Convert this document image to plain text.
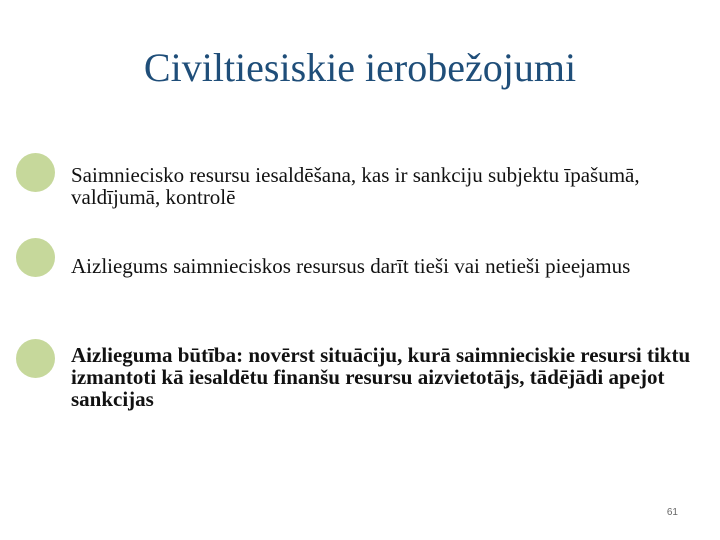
Civiltiesiskie ierobežojumi
Saimniecisko resursu iesaldēšana, kas ir sankciju subjektu īpašumā, valdījumā, kontrolē
Aizliegums saimnieciskos resursus darīt tieši vai netieši pieejamus
Aizlieguma būtība: novērst situāciju, kurā saimnieciskie resursi tiktu izmantoti kā iesaldētu finanšu resursu aizvietotājs, tādējādi apejot sankcijas
61
